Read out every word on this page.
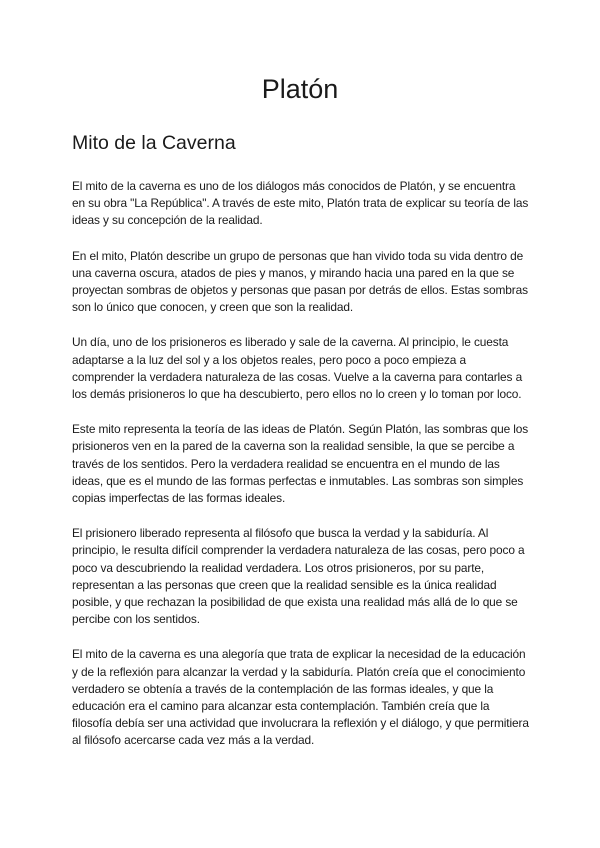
Platón
Mito de la Caverna

El mito de la caverna es uno de los diálogos más conocidos de Platón, y se encuentra en su obra "La República". A través de este mito, Platón trata de explicar su teoría de las ideas y su concepción de la realidad.

En el mito, Platón describe un grupo de personas que han vivido toda su vida dentro de una caverna oscura, atados de pies y manos, y mirando hacia una pared en la que se proyectan sombras de objetos y personas que pasan por detrás de ellos. Estas sombras son lo único que conocen, y creen que son la realidad.

Un día, uno de los prisioneros es liberado y sale de la caverna. Al principio, le cuesta adaptarse a la luz del sol y a los objetos reales, pero poco a poco empieza a comprender la verdadera naturaleza de las cosas. Vuelve a la caverna para contarles a los demás prisioneros lo que ha descubierto, pero ellos no lo creen y lo toman por loco.

Este mito representa la teoría de las ideas de Platón. Según Platón, las sombras que los prisioneros ven en la pared de la caverna son la realidad sensible, la que se percibe a través de los sentidos. Pero la verdadera realidad se encuentra en el mundo de las ideas, que es el mundo de las formas perfectas e inmutables. Las sombras son simples copias imperfectas de las formas ideales.

El prisionero liberado representa al filósofo que busca la verdad y la sabiduría. Al principio, le resulta difícil comprender la verdadera naturaleza de las cosas, pero poco a poco va descubriendo la realidad verdadera. Los otros prisioneros, por su parte, representan a las personas que creen que la realidad sensible es la única realidad posible, y que rechazan la posibilidad de que exista una realidad más allá de lo que se percibe con los sentidos.

El mito de la caverna es una alegoría que trata de explicar la necesidad de la educación y de la reflexión para alcanzar la verdad y la sabiduría. Platón creía que el conocimiento verdadero se obtenía a través de la contemplación de las formas ideales, y que la educación era el camino para alcanzar esta contemplación. También creía que la filosofía debía ser una actividad que involucrara la reflexión y el diálogo, y que permitiera al filósofo acercarse cada vez más a la verdad.
